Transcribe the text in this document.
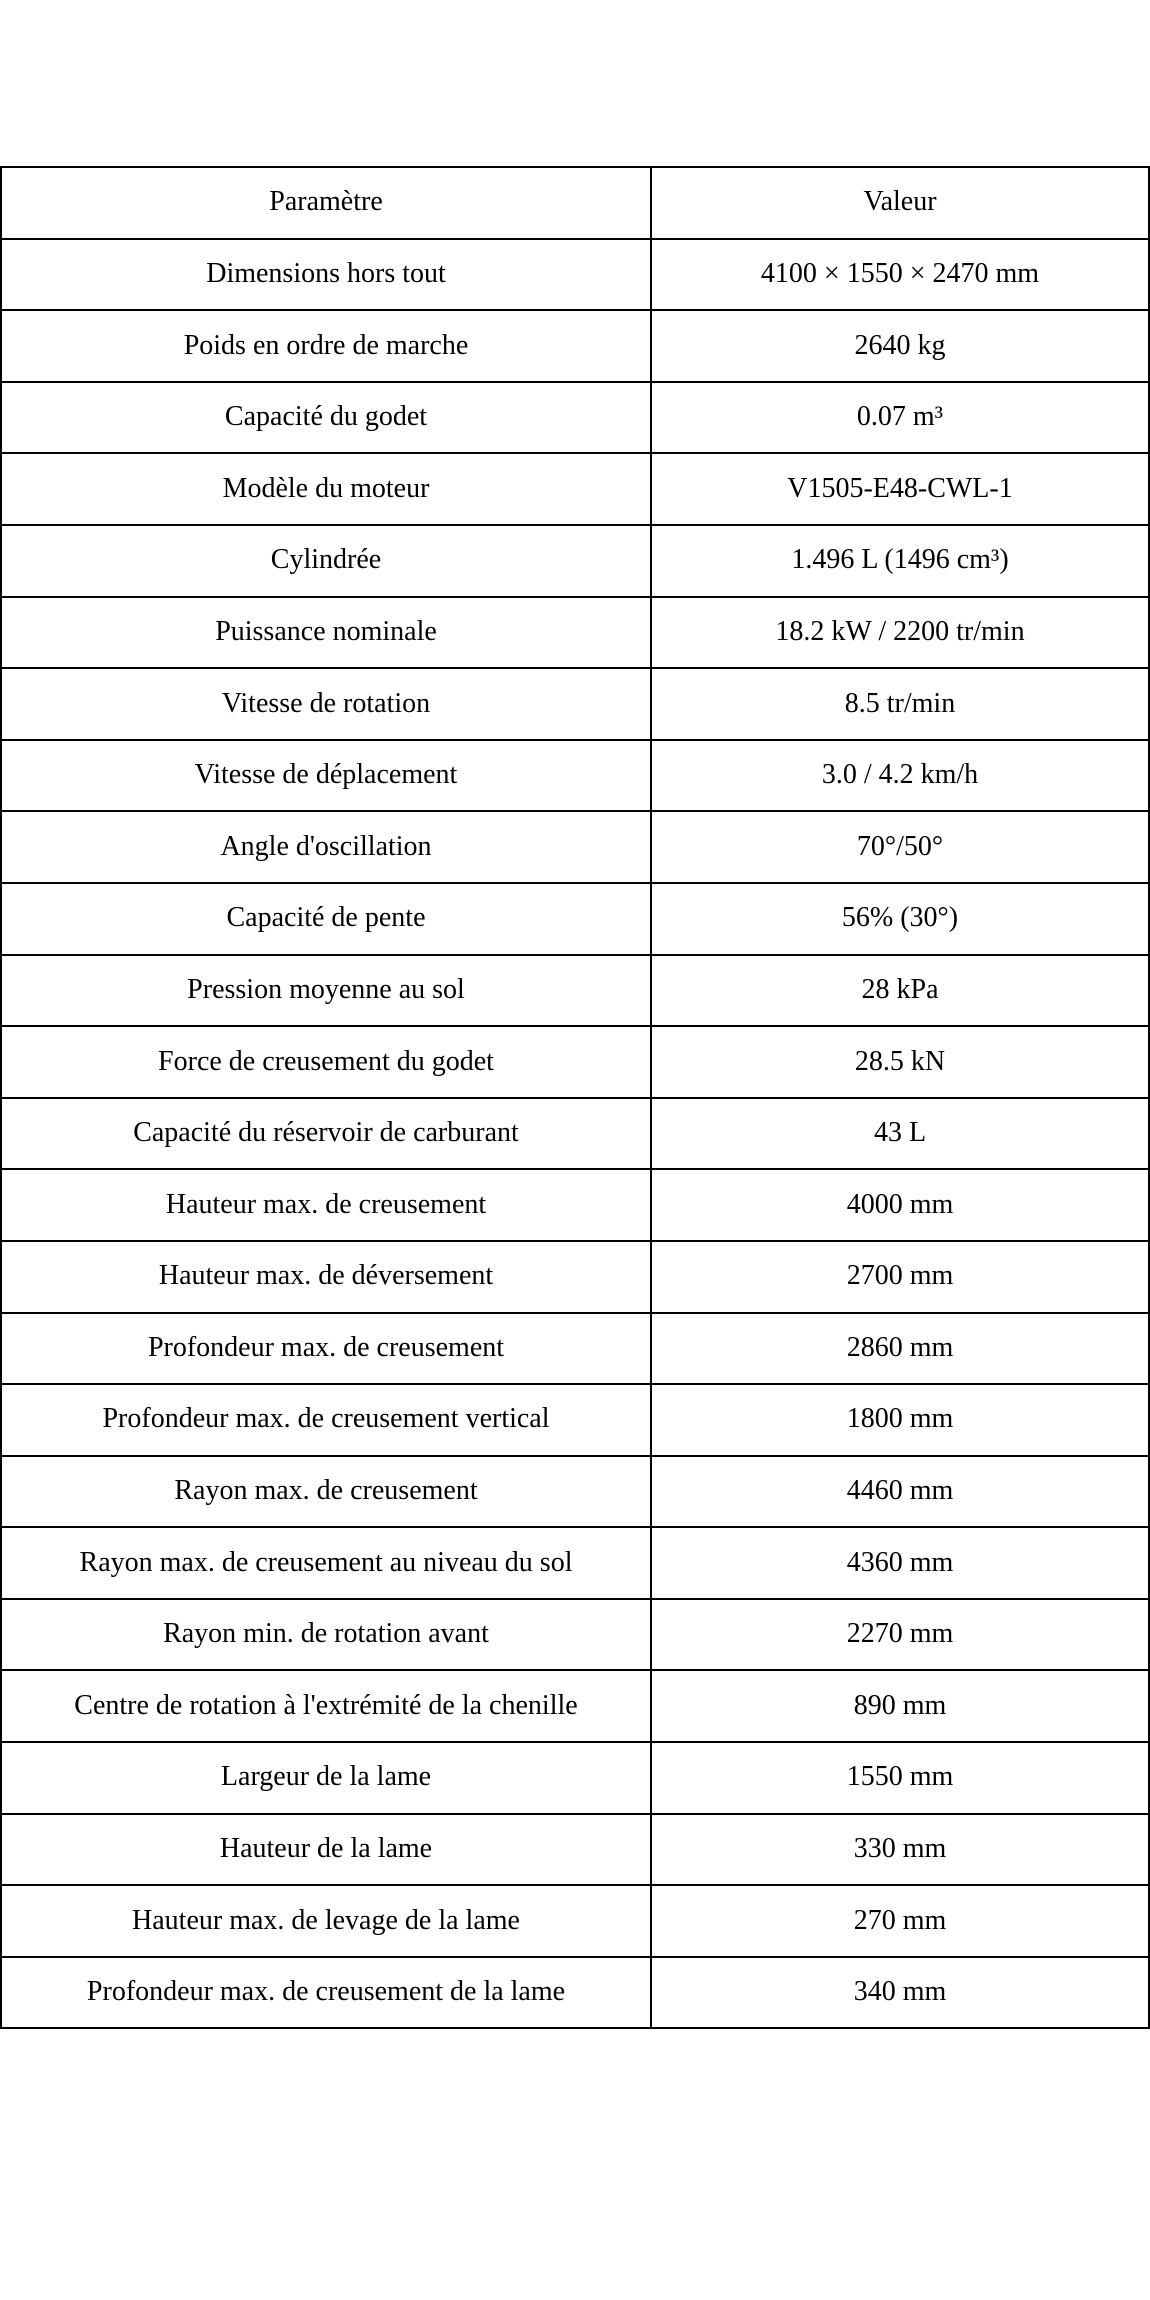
Paramètre	Valeur
Dimensions hors tout	4100 × 1550 × 2470 mm
Poids en ordre de marche	2640 kg
Capacité du godet	0.07 m³
Modèle du moteur	V1505-E48-CWL-1
Cylindrée	1.496 L (1496 cm³)
Puissance nominale	18.2 kW / 2200 tr/min
Vitesse de rotation	8.5 tr/min
Vitesse de déplacement	3.0 / 4.2 km/h
Angle d'oscillation	70°/50°
Capacité de pente	56% (30°)
Pression moyenne au sol	28 kPa
Force de creusement du godet	28.5 kN
Capacité du réservoir de carburant	43 L
Hauteur max. de creusement	4000 mm
Hauteur max. de déversement	2700 mm
Profondeur max. de creusement	2860 mm
Profondeur max. de creusement vertical	1800 mm
Rayon max. de creusement	4460 mm
Rayon max. de creusement au niveau du sol	4360 mm
Rayon min. de rotation avant	2270 mm
Centre de rotation à l'extrémité de la chenille	890 mm
Largeur de la lame	1550 mm
Hauteur de la lame	330 mm
Hauteur max. de levage de la lame	270 mm
Profondeur max. de creusement de la lame	340 mm
